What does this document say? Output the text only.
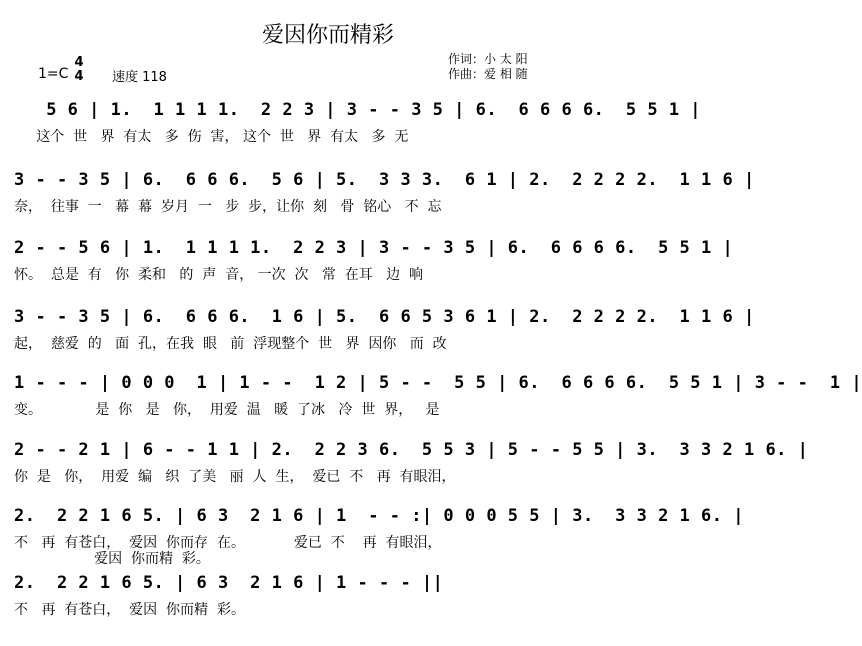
爱因你而精彩
1=C
4
4 速度 118
作词：小 太 阳
作曲：爱 相 随
5 6 | 1.  1 1 1 1.  2 2 3 | 3 - - 3 5 | 6.  6 6 6 6.  5 5 1 |
这个  世   界  有太   多  伤  害， 这个  世   界  有太   多  无
3 - - 3 5 | 6.  6 6 6.  5 6 | 5.  3 3 3.  6 1 | 2.  2 2 2 2.  1 1 6 |
奈，  往事  一   幕  幕  岁月  一   步  步，让你  刻   骨  铭心   不  忘
2 - - 5 6 | 1.  1 1 1 1.  2 2 3 | 3 - - 3 5 | 6.  6 6 6 6.  5 5 1 |
怀。  总是  有   你  柔和   的  声  音， 一次  次   常  在耳   边  响
3 - - 3 5 | 6.  6 6 6.  1 6 | 5.  6 6 5 3 6 1 | 2.  2 2 2 2.  1 1 6 |
起，  慈爱  的   面  孔，在我  眼   前  浮现整个  世   界  因你   而  改
1 - - - | 0 0 0  1 | 1 - -  1 2 | 5 - -  5 5 | 6.  6 6 6 6.  5 5 1 | 3 - -  1 |
变。            是  你   是   你，  用爱  温   暖  了冰   冷  世  界，   是
2 - - 2 1 | 6 - - 1 1 | 2.  2 2 3 6.  5 5 3 | 5 - - 5 5 | 3.  3 3 2 1 6. |
你  是   你，  用爱  编   织  了美   丽  人  生，  爱已  不   再  有眼泪，
2.  2 2 1 6 5. | 6 3  2 1 6 | 1  - - :| 0 0 0 5 5 | 3.  3 3 2 1 6. |
不   再  有苍白，  爱因  你而存  在。           爱已  不    再  有眼泪，
爱因  你而精  彩。
2.  2 2 1 6 5. | 6 3  2 1 6 | 1 - - - ||
不   再  有苍白，  爱因  你而精  彩。
